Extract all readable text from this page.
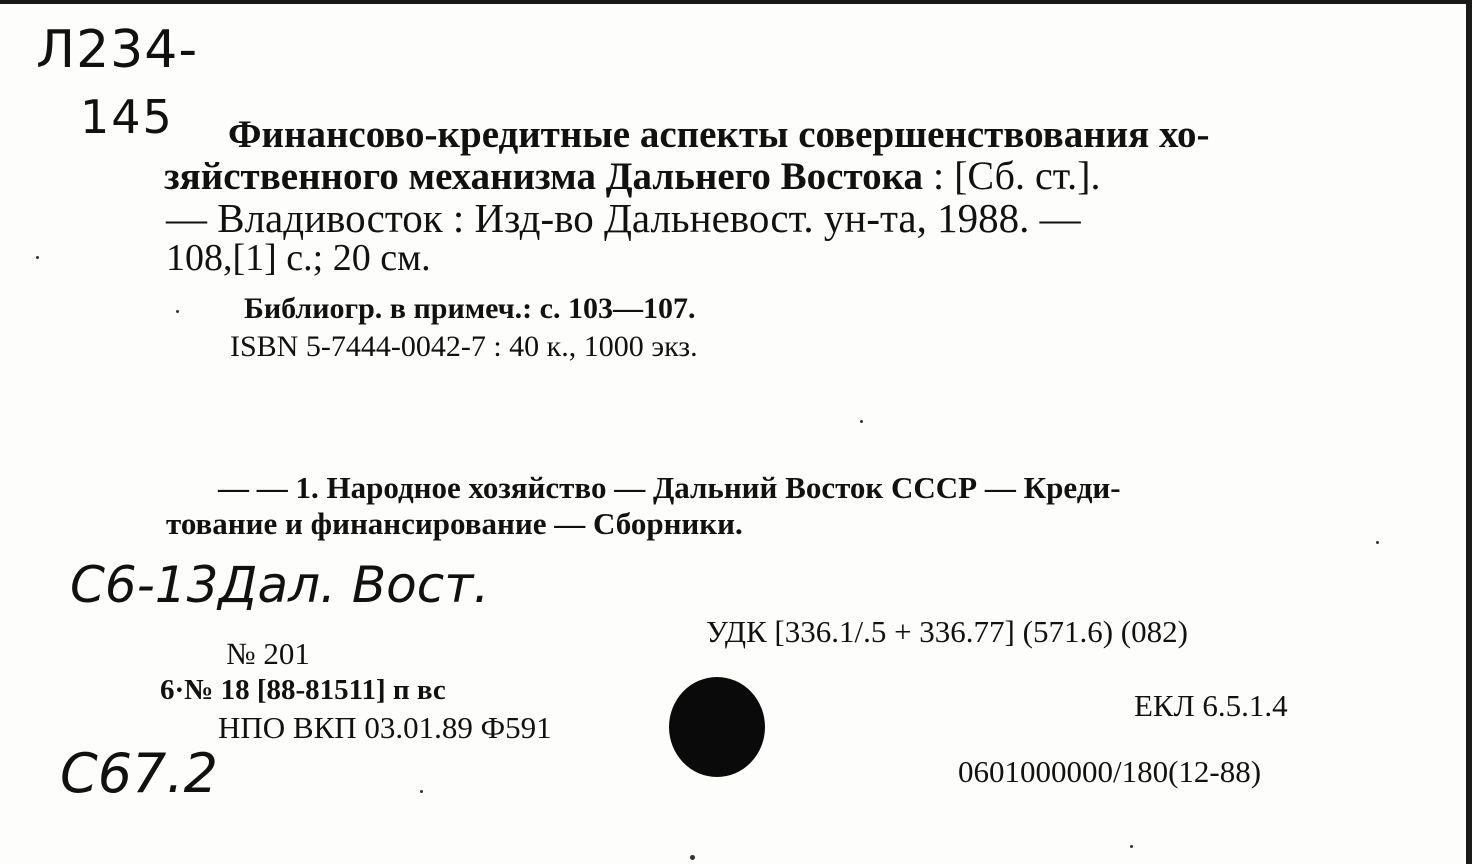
Л234-
145 Финансово-кредитные аспекты совершенствования хо-
зяйственного механизма Дальнего Востока : [Сб. ст.].
— Владивосток : Изд-во Дальневост. ун-та, 1988. —
108,[1] с.; 20 см.
Библиогр. в примеч.: с. 103—107.
ISBN 5-7444-0042-7 : 40 к., 1000 экз.
— — 1. Народное хозяйство — Дальний Восток СССР — Креди-
тование и финансирование — Сборники.
С6-13Дал. Вост.
№ 201
6·№ 18 [88-81511] п вс
НПО ВКП 03.01.89 Ф591
С67.2
УДК [336.1/.5 + 336.77] (571.6) (082)
ЕКЛ 6.5.1.4
0601000000/180(12-88)
